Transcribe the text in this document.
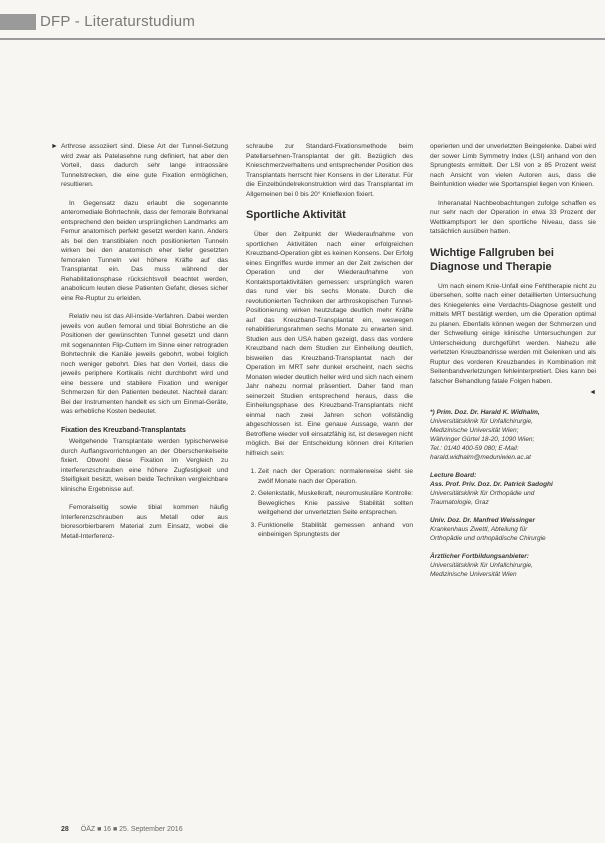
DFP - Literaturstudium
► Arthrose assoziiert sind. Diese Art der Tunnel-Setzung wird zwar als Patelasehne rung definiert, hat aber den Vorteil, dass dadurch sehr lange intraossäre Tunnelstrecken, die eine gute Fixation ermöglichen, resultieren.

In Gegensatz dazu erlaubt die sogenannte anteromediale Bohrtechnik, dass der femorale Bohrkanal entsprechend den beiden ursprünglichen Landmarks am Femur anatomisch perfekt gesetzt werden kann. Anders als bei den transtibialen noch positionierten Tunneln wirken bei den anatomisch eher tiefer gesetzten femoralen Tunneln viel höhere Kräfte auf das Transplantat ein. Das muss während der Rehabilitationsphase rücksichtsvoll beachtet werden, anabolicum leuten diese Patienten Gefahr, dieses sicher eine Re-Ruptur zu erleiden.

Relativ neu ist das All-inside-Verfahren. Dabei werden jeweils von außen femoral und tibial Bohrstiche an die Positionen der gewünschten Tunnel gesetzt und dann mit sogenannten Flip-Cuttern im Sinne einer retrograden Bohrtechnik die Kanäle jeweils gebohrt, wobei folglich noch weniger gebohrt. Dies hat den Vorteil, dass die jeweils periphere Kortikalis nicht durchbohrt wird und eine bessere und stabilere Fixation und weniger Schmerzen für den Patienten bedeutet. Nachteil daran: Bei der Instrumenten handelt es sich um Einmal-Geräte, was erhebliche Kosten bedeutet.

Fixation des Kreuzband-Transplantats

Weitgehende Transplantate werden typischerweise durch Auffangsvorrichtungen an der Oberschenkelseite fixiert. Obwohl diese Fixation im Vergleich zu interferenzschrauben eine höhere Zugfestigkeit und Steifigkeit besitzt, weisen beide Techniken vergleichbare klinische Ergebnisse auf.

Femoralseitig sowie tibial kommen häufig Interferenzschrauben aus Metall oder aus bioresorbierbarem Material zum Einsatz, wobei die Metall-Interferenz-

schraube zur Standard-Fixationsmethode beim Patellarsehnen-Transplantat der gilt. Bezüglich des Knieschmerzverhaltens und entsprechender Position des Transplantats herrscht hier Konsens in der Literatur. Für die Einzelbündelrekonstruktion wird das Transplantat im Allgemeinen bei 0 bis 20° Knieflexion fixiert.

Sportliche Aktivität

Über den Zeitpunkt der Wiederaufnahme von sportlichen Aktivitäten nach einer erfolgreichen Kreuzband-Operation gibt es keinen Konsens. Der Erfolg eines Eingriffes wurde immer an der Zeit zwischen der Operation und der Wiederaufnahme von Kontaktsportaktivitäten gemessen: ursprünglich waren das rund vier bis sechs Monate. Durch die revolutionierten Techniken der arthroskopischen Tunnel-Positionierung wirken heutzutage deutlich mehr Kräfte auf das Kreuzband-Transplantat ein, weswegen rehabilitierungsrahmen sechs Monate zu erwarten sind. Studien aus den USA haben gezeigt, dass das vordere Kreuzband nach dem Studien zur Einheilung deutlich, bisweilen das Kreuzband-Transplantat nach der Operation im MRT sehr dunkel erscheint, nach sechs Monaten wieder deutlich heller wird und sich nach einem Jahr nahezu normal präsentiert. Daher fand man seinerzeit Studien entsprechend heraus, dass die Einheilungsphase des Kreuzband-Transplantats nicht einmal nach zwei Jahren schon vollständig abgeschlossen ist. Eine genaue Aussage, wann der Betroffene wieder voll einsatzfähig ist, ist deswegen nicht möglich. Bei der Entscheidung können drei Kriterien hilfreich sein:

1. Zeit nach der Operation: normalerweise sieht sie zwölf Monate nach der Operation.
2. Gelenkstatik, Muskelkraft, neuromuskuläre Kontrolle: Bewegliches Knie passive Stabilität sollten weitgehend der unverletzten Seite entsprechen.
3. Funktionelle Stabilität gemessen anhand von einbeinigen Sprungtests der

operierten und der unverletzten Beingelenke. Dabei wird der sower Limb Symmetry Index (LSI) anhand von den Sprungtests ermittelt. Der LSI von ≥ 85 Prozent weist nach Ansicht von vielen Autoren aus, dass die Beinfunktion wieder wie Sportanspiel liegen von Knieen.

Inheranatal Nachbeobachtungen zufolge schaffen es nur sehr nach der Operation in etwa 33 Prozent der Wettkampfsport ler den sportliche Niveau, dass sie tatsächlich ausüben hatten.

Wichtige Fallgruben bei Diagnose und Therapie

Um nach einem Knie-Unfall eine Fehltherapie nicht zu übersehen, sollte nach einer detaillierten Untersuchung des Kniegelenks eine Verdachts-Diagnose gestellt und mittels MRT bestätigt werden, um die Operation optimal zu planen. Ebenfalls können wegen der Schmerzen und der Schwellung einige klinische Untersuchungen zur Unterscheidung durchgeführt werden. Nahezu alle verletzten Kreuzbandrisse werden mit Gelenken und als Ruptur des vorderen Kreuzbandes in Kombination mit Seitenbandverletzungen fehleinterpretiert. Dies kann bei falscher Behandlung fatale Folgen haben.

◄
*) Prim. Doz. Dr. Harald K. Widhalm,
Universitätsklinik für Unfallchirurgie,
Medizinische Universität Wien;
Währinger Gürtel 18-20, 1090 Wien;
Tel.: 01/40 400-59 080; E-Mail:
harald.widhalm@meduniwien.ac.at
Lecture Board:
Ass. Prof. Priv. Doz. Dr. Patrick Sadoghi
Universitätsklinik für Orthopädie und
Traumatologie, Graz
Univ. Doz. Dr. Manfred Weissinger
Krankenhaus Zwettl, Abteilung für
Orthopädie und orthopädische Chirurgie
Ärztlicher Fortbildungsanbieter:
Universitätsklinik für Unfallchirurgie,
Medizinische Universität Wien
28 ÖÄZ ■ 16 ■ 25. September 2016
